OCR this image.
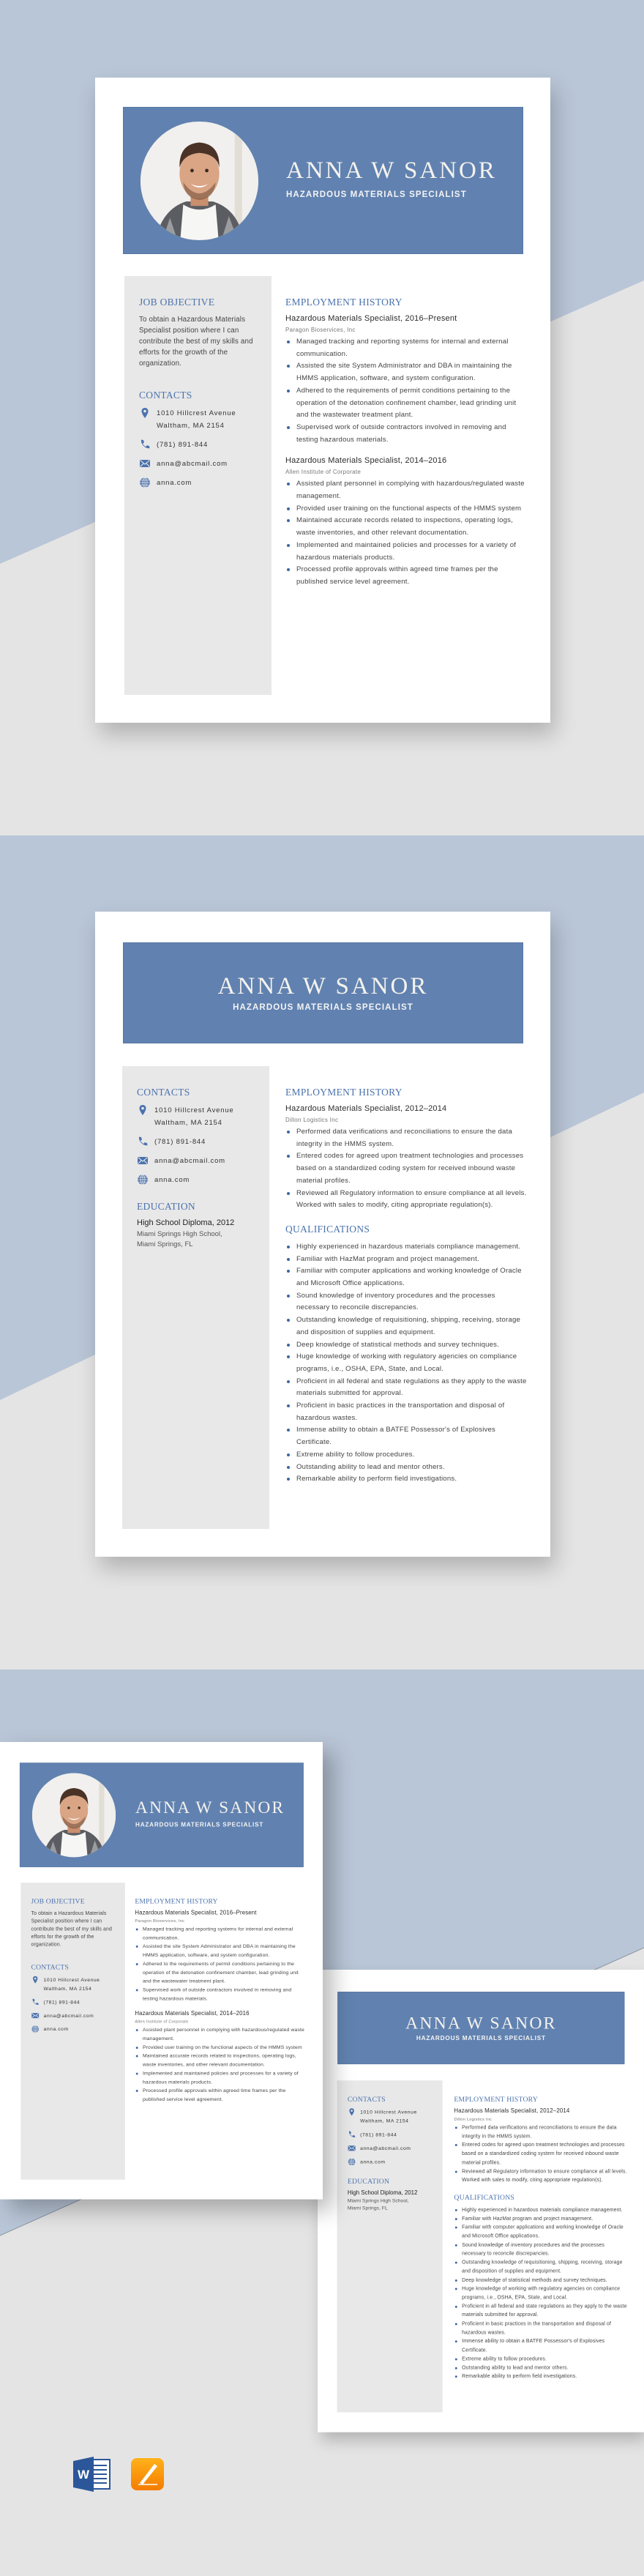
ANNA W SANOR
HAZARDOUS MATERIALS SPECIALIST
JOB OBJECTIVE

To obtain a Hazardous Materials Specialist position where I can contribute the best of my skills and efforts for the growth of the organization.

CONTACTS
1010 Hillcrest Avenue
Waltham, MA 2154
(781) 891-844
anna@abcmail.com
anna.com
EMPLOYMENT HISTORY
Hazardous Materials Specialist, 2016–Present
Paragon Bioservices, Inc
Managed tracking and reporting systems for internal and external communication.
Assisted the site System Administrator and DBA in maintaining the HMMS application, software, and system configuration.
Adhered to the requirements of permit conditions pertaining to the operation of the detonation confinement chamber, lead grinding unit and the wastewater treatment plant.
Supervised work of outside contractors involved in removing and testing hazardous materials.
Hazardous Materials Specialist, 2014–2016
Allen Institute of Corporate
Assisted plant personnel in complying with hazardous/regulated waste management.
Provided user training on the functional aspects of the HMMS system
Maintained accurate records related to inspections, operating logs, waste inventories, and other relevant documentation.
Implemented and maintained policies and processes for a variety of hazardous materials products.
Processed profile approvals within agreed time frames per the published service level agreement.
ANNA W SANOR
HAZARDOUS MATERIALS SPECIALIST
CONTACTS
1010 Hillcrest Avenue
Waltham, MA 2154
(781) 891-844
anna@abcmail.com
anna.com
EDUCATION
High School Diploma, 2012
Miami Springs High School,
Miami Springs, FL
EMPLOYMENT HISTORY
Hazardous Materials Specialist, 2012–2014
Dillon Logistics Inc
Performed data verifications and reconciliations to ensure the data integrity in the HMMS system.
Entered codes for agreed upon treatment technologies and processes based on a standardized coding system for received inbound waste material profiles.
Reviewed all Regulatory information to ensure compliance at all levels. Worked with sales to modify, citing appropriate regulation(s).
QUALIFICATIONS
Highly experienced in hazardous materials compliance management.
Familiar with HazMat program and project management.
Familiar with computer applications and working knowledge of Oracle and Microsoft Office applications.
Sound knowledge of inventory procedures and the processes necessary to reconcile discrepancies.
Outstanding knowledge of requisitioning, shipping, receiving, storage and disposition of supplies and equipment.
Deep knowledge of statistical methods and survey techniques.
Huge knowledge of working with regulatory agencies on compliance programs, i.e., OSHA, EPA, State, and Local.
Proficient in all federal and state regulations as they apply to the waste materials submitted for approval.
Proficient in basic practices in the transportation and disposal of hazardous wastes.
Immense ability to obtain a BATFE Possessor's of Explosives Certificate.
Extreme ability to follow procedures.
Outstanding ability to lead and mentor others.
Remarkable ability to perform field investigations.
W
ANNA W SANOR
HAZARDOUS MATERIALS SPECIALIST
CONTACTS
1010 Hillcrest Avenue
Waltham, MA 2154
(781) 891-844
anna@abcmail.com
anna.com
EDUCATION
High School Diploma, 2012
Miami Springs High School,
Miami Springs, FL
EMPLOYMENT HISTORY
Hazardous Materials Specialist, 2012–2014
Dillon Logistics Inc
Performed data verifications and reconciliations to ensure the data integrity in the HMMS system.
Entered codes for agreed upon treatment technologies and processes based on a standardized coding system for received inbound waste material profiles.
Reviewed all Regulatory information to ensure compliance at all levels. Worked with sales to modify, citing appropriate regulation(s).
QUALIFICATIONS
Highly experienced in hazardous materials compliance management.
Familiar with HazMat program and project management.
Familiar with computer applications and working knowledge of Oracle and Microsoft Office applications.
Sound knowledge of inventory procedures and the processes necessary to reconcile discrepancies.
Outstanding knowledge of requisitioning, shipping, receiving, storage and disposition of supplies and equipment.
Deep knowledge of statistical methods and survey techniques.
Huge knowledge of working with regulatory agencies on compliance programs, i.e., OSHA, EPA, State, and Local.
Proficient in all federal and state regulations as they apply to the waste materials submitted for approval.
Proficient in basic practices in the transportation and disposal of hazardous wastes.
Immense ability to obtain a BATFE Possessor's of Explosives Certificate.
Extreme ability to follow procedures.
Outstanding ability to lead and mentor others.
Remarkable ability to perform field investigations.
ANNA W SANOR
HAZARDOUS MATERIALS SPECIALIST
JOB OBJECTIVE

To obtain a Hazardous Materials Specialist position where I can contribute the best of my skills and efforts for the growth of the organization.

CONTACTS
1010 Hillcrest Avenue
Waltham, MA 2154
(781) 891-844
anna@abcmail.com
anna.com
EMPLOYMENT HISTORY
Hazardous Materials Specialist, 2016–Present
Paragon Bioservices, Inc
Managed tracking and reporting systems for internal and external communication.
Assisted the site System Administrator and DBA in maintaining the HMMS application, software, and system configuration.
Adhered to the requirements of permit conditions pertaining to the operation of the detonation confinement chamber, lead grinding unit and the wastewater treatment plant.
Supervised work of outside contractors involved in removing and testing hazardous materials.
Hazardous Materials Specialist, 2014–2016
Allen Institute of Corporate
Assisted plant personnel in complying with hazardous/regulated waste management.
Provided user training on the functional aspects of the HMMS system
Maintained accurate records related to inspections, operating logs, waste inventories, and other relevant documentation.
Implemented and maintained policies and processes for a variety of hazardous materials products.
Processed profile approvals within agreed time frames per the published service level agreement.
